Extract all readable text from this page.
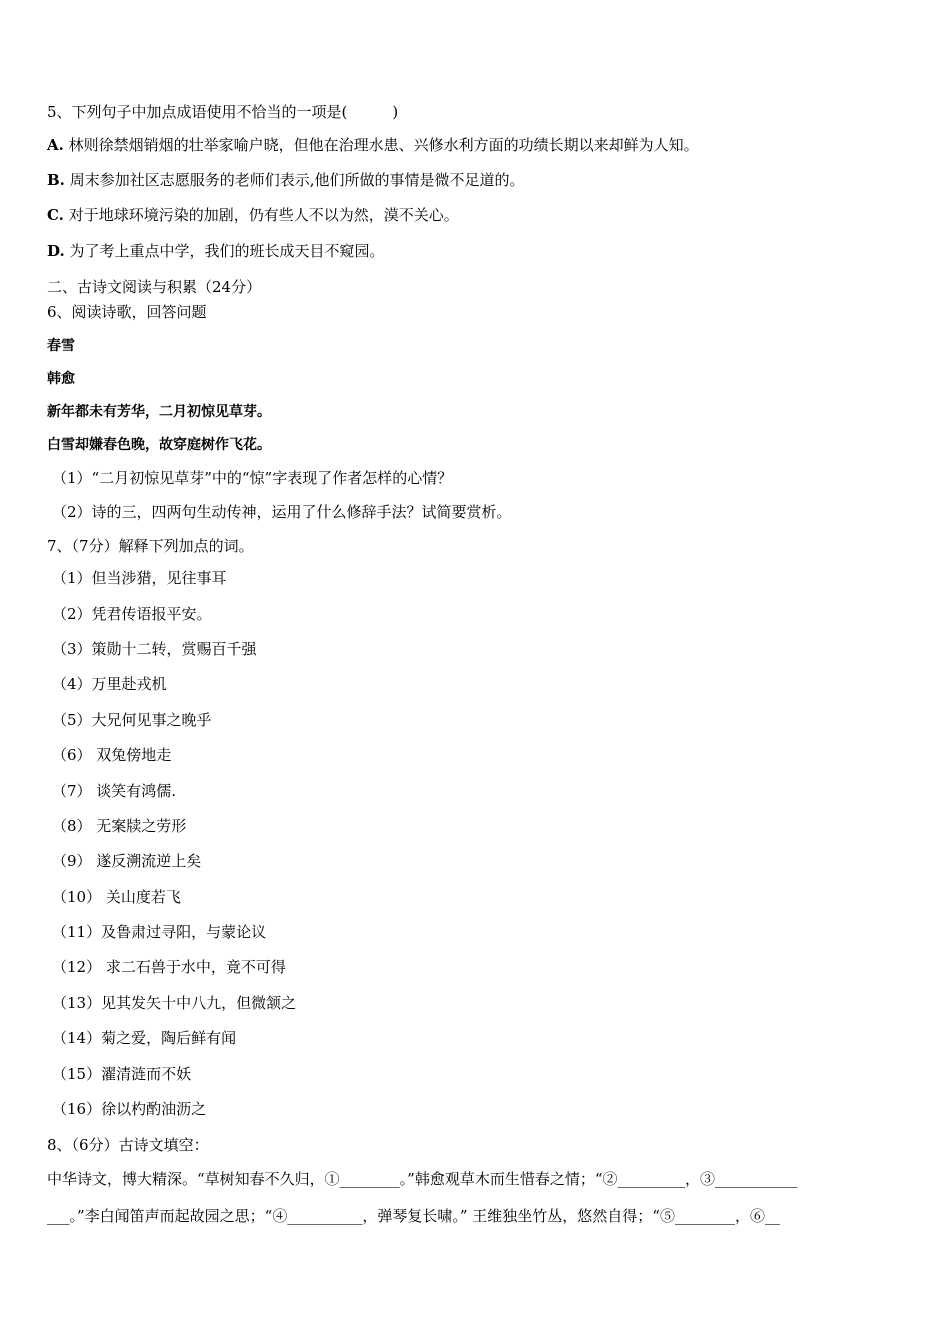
5、下列句子中加点成语使用不恰当的一项是(　　　)
A. 林则徐禁烟销烟的壮举家喻户晓，但他在治理水患、兴修水利方面的功绩长期以来却鲜为人知。
B. 周末参加社区志愿服务的老师们表示,他们所做的事情是微不足道的。
C. 对于地球环境污染的加剧，仍有些人不以为然，漠不关心。
D. 为了考上重点中学，我们的班长成天目不窥园。
二、古诗文阅读与积累（24分）
6、阅读诗歌，回答问题
春雪
韩愈
新年都未有芳华，二月初惊见草芽。
白雪却嫌春色晚，故穿庭树作飞花。
（1）“二月初惊见草芽”中的“惊”字表现了作者怎样的心情？
（2）诗的三，四两句生动传神，运用了什么修辞手法？试简要赏析。
7、（7分）解释下列加点的词。
（1）但当涉猎，见往事耳
（2）凭君传语报平安。
（3）策勋十二转，赏赐百千强
（4）万里赴戎机
（5）大兄何见事之晚乎
（6） 双兔傍地走
（7） 谈笑有鸿儒.
（8） 无案牍之劳形
（9） 遂反溯流逆上矣
（10） 关山度若飞
（11）及鲁肃过寻阳，与蒙论议
（12） 求二石兽于水中，竟不可得
（13）见其发矢十中八九，但微颔之
（14）菊之爱，陶后鲜有闻
（15）濯清涟而不妖
（16）徐以杓酌油沥之
8、（6分）古诗文填空：
中华诗文，博大精深。“草树知春不久归，①________。”韩愈观草木而生惜春之情；“②_________，③___________
___。”李白闻笛声而起故园之思；“④__________，弹琴复长啸。” 王维独坐竹丛，悠然自得；“⑤________，⑥__
